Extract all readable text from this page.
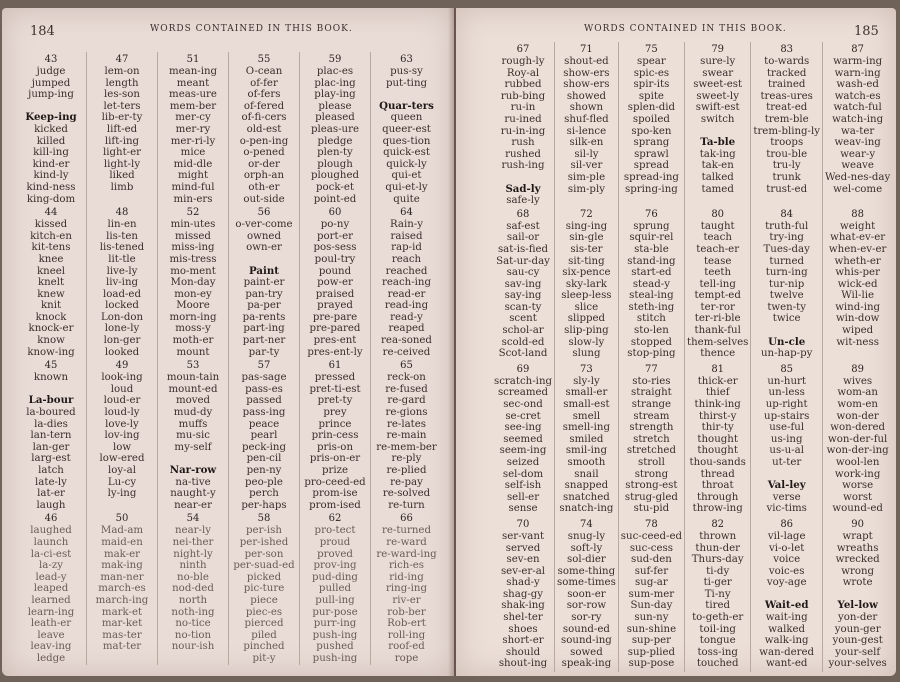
184	WORDS CONTAINED IN THIS BOOK.
43
judge
jumped
jump-ing

Keep-ing
kicked
killed
kill-ing
kind-er
kind-ly
kind-ness
king-dom
47
lem-on
length
les-son
let-ters
lib-er-ty
lift-ed
lift-ing
light-er
light-ly
liked
limb
51
mean-ing
meant
meas-ure
mem-ber
mer-cy
mer-ry
mer-ri-ly
mice
mid-dle
might
mind-ful
min-ers
55
O-cean
of-fer
of-fers
of-fered
of-fi-cers
old-est
o-pen-ing
o-pened
or-der
orph-an
oth-er
out-side
59
plac-es
plac-ing
play-ing
please
pleased
pleas-ure
pledge
plen-ty
plough
ploughed
pock-et
point-ed
63
pus-sy
put-ting

Quar-ters
queen
queer-est
ques-tion
quick-est
quick-ly
qui-et
qui-et-ly
quite
44
kissed
kitch-en
kit-tens
knee
kneel
knelt
knew
knit
knock
knock-er
know
know-ing
48
lin-en
lis-ten
lis-tened
lit-tle
live-ly
liv-ing
load-ed
locked
Lon-don
lone-ly
lon-ger
looked
52
min-utes
missed
miss-ing
mis-tress
mo-ment
Mon-day
mon-ey
Moore
morn-ing
moss-y
moth-er
mount
56
o-ver-come
owned
own-er

Paint
paint-er
pan-try
pa-per
pa-rents
part-ing
part-ner
par-ty
60
po-ny
port-er
pos-sess
poul-try
pound
pow-er
praised
prayed
pre-pare
pre-pared
pres-ent
pres-ent-ly
64
Rain-y
raised
rap-id
reach
reached
reach-ing
read-er
read-ing
read-y
reaped
rea-soned
re-ceived
45
known

La-bour
la-boured
la-dies
lan-tern
lan-ger
larg-est
latch
late-ly
lat-er
laugh
49
look-ing
loud
loud-er
loud-ly
love-ly
lov-ing
low
low-ered
loy-al
Lu-cy
ly-ing
53
moun-tain
mount-ed
moved
mud-dy
muffs
mu-sic
my-self

Nar-row
na-tive
naught-y
near-er
57
pas-sage
pass-es
passed
pass-ing
peace
pearl
peck-ing
pen-cil
pen-ny
peo-ple
perch
per-haps
61
pressed
pret-ti-est
pret-ty
prey
prince
prin-cess
pris-on
pris-on-er
prize
pro-ceed-ed
prom-ise
prom-ised
65
reck-on
re-fused
re-gard
re-gions
re-lates
re-main
re-mem-ber
re-ply
re-plied
re-pay
re-solved
re-turn
46
laughed
launch
la-ci-est
la-zy
lead-y
leaped
learned
learn-ing
leath-er
leave
leav-ing
ledge
50
Mad-am
maid-en
mak-er
mak-ing
man-ner
march-es
march-ing
mark-et
mar-ket
mas-ter
mat-ter
54
near-ly
nei-ther
night-ly
ninth
no-ble
nod-ded
north
noth-ing
no-tice
no-tion
nour-ish
58
per-ish
per-ished
per-son
per-suad-ed
picked
pic-ture
piece
piec-es
pierced
piled
pinched
pit-y
62
pro-tect
proud
proved
prov-ing
pud-ding
pulled
pull-ing
pur-pose
purr-ing
push-ing
pushed
push-ing
66
re-turned
re-ward
re-ward-ing
rich-es
rid-ing
ring-ing
riv-er
rob-ber
Rob-ert
roll-ing
roof-ed
rope
WORDS CONTAINED IN THIS BOOK.	185
67
rough-ly
Roy-al
rubbed
rub-bing
ru-in
ru-ined
ru-in-ing
rush
rushed
rush-ing

Sad-ly
safe-ly
71
shout-ed
show-ers
show-ers
showed
shown
shuf-fled
si-lence
silk-en
sil-ly
sil-ver
sim-ple
sim-ply
75
spear
spic-es
spir-its
spite
splen-did
spoiled
spo-ken
sprang
sprawl
spread
spread-ing
spring-ing
79
sure-ly
swear
sweet-est
sweet-ly
swift-est
switch

Ta-ble
tak-ing
tak-en
talked
tamed
83
to-wards
tracked
trained
treas-ures
treat-ed
trem-ble
trem-bling-ly
troops
trou-ble
tru-ly
trunk
trust-ed
87
warm-ing
warn-ing
wash-ed
watch-es
watch-ful
watch-ing
wa-ter
weav-ing
wear-y
weave
Wed-nes-day
wel-come
68
saf-est
sail-or
sat-is-fied
Sat-ur-day
sau-cy
sav-ing
say-ing
scan-ty
scent
schol-ar
scold-ed
Scot-land
72
sing-ing
sin-gle
sis-ter
sit-ting
six-pence
sky-lark
sleep-less
slice
slipped
slip-ping
slow-ly
slung
76
sprung
squir-rel
sta-ble
stand-ing
start-ed
stead-y
steal-ing
steth-ing
stitch
sto-len
stopped
stop-ping
80
taught
teach
teach-er
tease
teeth
tell-ing
tempt-ed
ter-ror
ter-ri-ble
thank-ful
them-selves
thence
84
truth-ful
try-ing
Tues-day
turned
turn-ing
tur-nip
twelve
twen-ty
twice

Un-cle
un-hap-py
88
weight
what-ev-er
when-ev-er
wheth-er
whis-per
wick-ed
Wil-lie
wind-ing
win-dow
wiped
wit-ness
69
scratch-ing
screamed
sec-ond
se-cret
see-ing
seemed
seem-ing
seized
sel-dom
self-ish
sell-er
sense
73
sly-ly
small-er
small-est
smell
smell-ing
smiled
smil-ing
smooth
snail
snapped
snatched
snatch-ing
77
sto-ries
straight
strange
stream
strength
stretch
stretched
stroll
strong
strong-est
strug-gled
stu-pid
81
thick-er
thief
think-ing
thirst-y
thir-ty
thought
thought
thou-sands
thread
throat
through
throw-ing
85
un-hurt
un-less
up-right
up-stairs
use-ful
us-ing
us-u-al
ut-ter

Val-ley
verse
vic-tims
89
wives
wom-an
wom-en
won-der
won-dered
won-der-ful
won-der-ing
wool-len
work-ing
worse
worst
wound-ed
70
ser-vant
served
sev-en
sev-er-al
shad-y
shag-gy
shak-ing
shel-ter
shoes
short-er
should
shout-ing
74
snug-ly
soft-ly
sol-dier
some-thing
some-times
soon-er
sor-row
sor-ry
sound-ed
sound-ing
sowed
speak-ing
78
suc-ceed-ed
suc-cess
sud-den
suf-fer
sug-ar
sum-mer
Sun-day
sun-ny
sun-shine
sup-per
sup-plied
sup-pose
82
thrown
thun-der
Thurs-day
ti-dy
ti-ger
Ti-ny
tired
to-geth-er
toil-ing
tongue
toss-ing
touched
86
vil-lage
vi-o-let
voice
voic-es
voy-age

Wait-ed
wait-ing
walked
walk-ing
wan-dered
want-ed
90
wrapt
wreaths
wrecked
wrong
wrote

Yel-low
yon-der
youn-ger
youn-gest
your-self
your-selves
